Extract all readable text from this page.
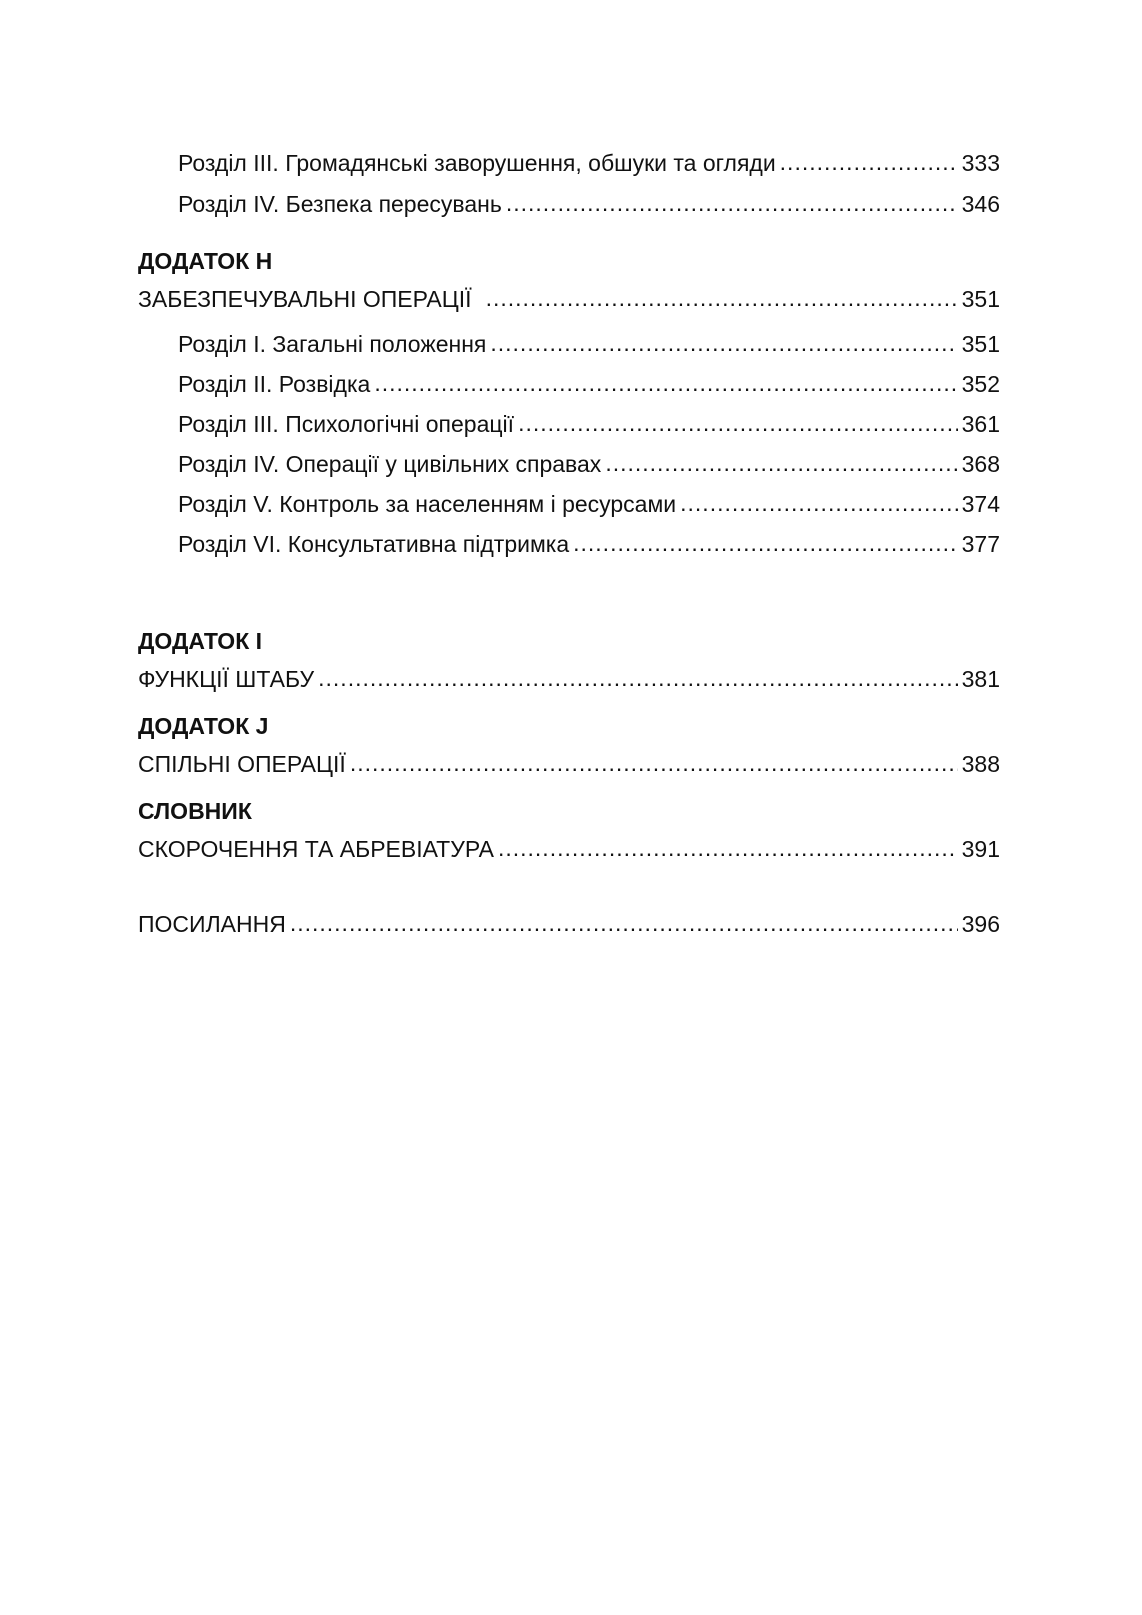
Розділ III. Громадянські заворушення, обшуки та огляди .....	333
Розділ IV. Безпека пересувань .....	346
ДОДАТОК H
ЗАБЕЗПЕЧУВАЛЬНІ ОПЕРАЦІЇ .....	351
Розділ I. Загальні положення .....	351
Розділ II. Розвідка .....	352
Розділ III. Психологічні операції .....	361
Розділ IV. Операції у цивільних справах .....	368
Розділ V. Контроль за населенням і ресурсами .....	374
Розділ VI. Консультативна підтримка .....	377
ДОДАТОК I
ФУНКЦІЇ ШТАБУ .....	381
ДОДАТОК J
СПІЛЬНІ ОПЕРАЦІЇ .....	388
СЛОВНИК
СКОРОЧЕННЯ ТА АБРЕВІАТУРА .....	391
ПОСИЛАННЯ .....	396
